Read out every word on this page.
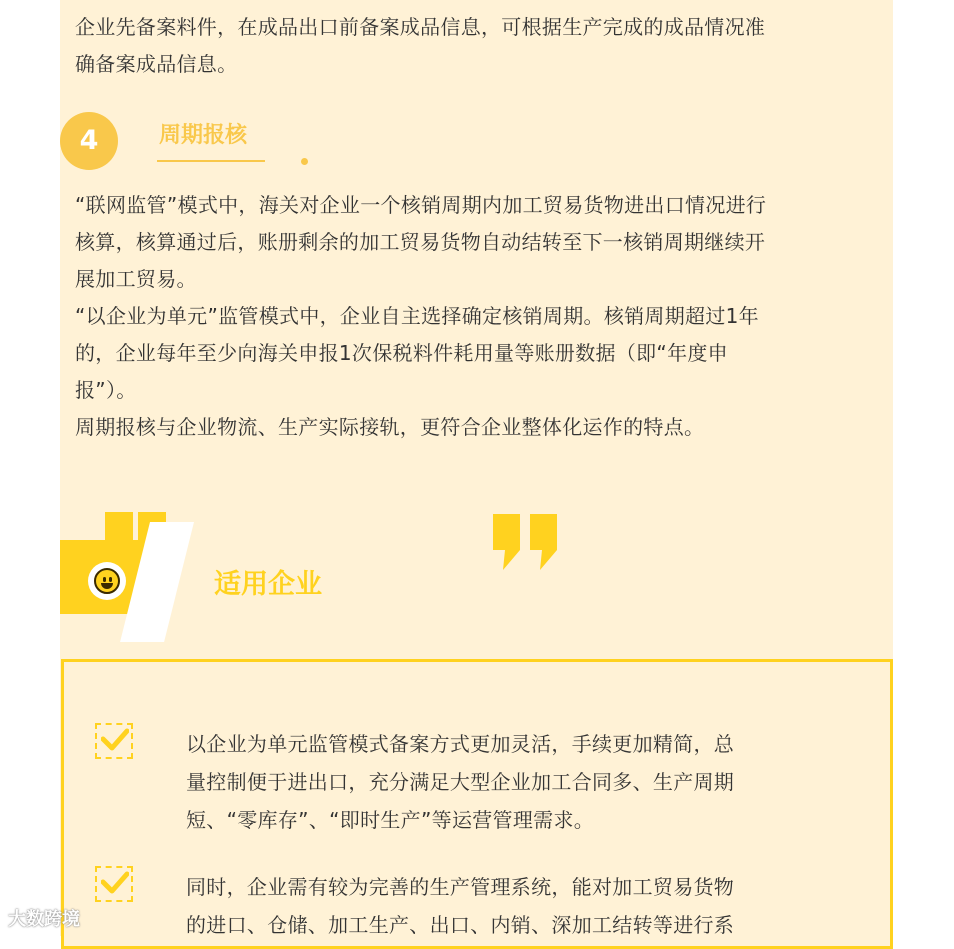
企业先备案料件，在成品出口前备案成品信息，可根据生产完成的成品情况准
确备案成品信息。
4	周期报核
“联网监管”模式中，海关对企业一个核销周期内加工贸易货物进出口情况进行
核算，核算通过后，账册剩余的加工贸易货物自动结转至下一核销周期继续开
展加工贸易。
“以企业为单元”监管模式中，企业自主选择确定核销周期。核销周期超过1年
的，企业每年至少向海关申报1次保税料件耗用量等账册数据（即“年度申
报”）。
周期报核与企业物流、生产实际接轨，更符合企业整体化运作的特点。
适用企业
以企业为单元监管模式备案方式更加灵活，手续更加精简，总
量控制便于进出口，充分满足大型企业加工合同多、生产周期
短、“零库存”、“即时生产”等运营管理需求。
同时，企业需有较为完善的生产管理系统，能对加工贸易货物
的进口、仓储、加工生产、出口、内销、深加工结转等进行系
大数跨境
